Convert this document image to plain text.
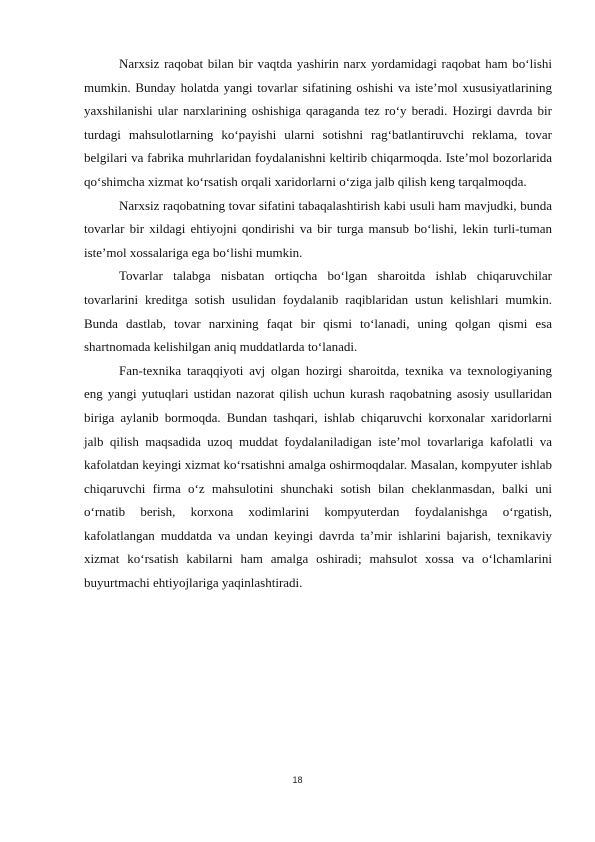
Narxsiz raqobat bilan bir vaqtda yashirin narx yordamidagi raqobat ham bo‘lishi mumkin. Bunday holatda yangi tovarlar sifatining oshishi va iste’mol xususiyatlarining yaxshilanishi ular narxlarining oshishiga qaraganda tez ro‘y beradi. Hozirgi davrda bir turdagi mahsulotlarning ko‘payishi ularni sotishni rag‘batlantiruvchi reklama, tovar belgilari va fabrika muhrlaridan foydalanishni keltirib chiqarmoqda. Iste’mol bozorlarida qo‘shimcha xizmat ko‘rsatish orqali xaridorlarni o‘ziga jalb qilish keng tarqalmoqda.

Narxsiz raqobatning tovar sifatini tabaqalashtirish kabi usuli ham mavjudki, bunda tovarlar bir xildagi ehtiyojni qondirishi va bir turga mansub bo‘lishi, lekin turli-tuman iste’mol xossalariga ega bo‘lishi mumkin.

Tovarlar talabga nisbatan ortiqcha bo‘lgan sharoitda ishlab chiqaruvchilar tovarlarini kreditga sotish usulidan foydalanib raqiblaridan ustun kelishlari mumkin. Bunda dastlab, tovar narxining faqat bir qismi to‘lanadi, uning qolgan qismi esa shartnomada kelishilgan aniq muddatlarda to‘lanadi.

Fan-texnika taraqqiyoti avj olgan hozirgi sharoitda, texnika va texnologiyaning eng yangi yutuqlari ustidan nazorat qilish uchun kurash raqobatning asosiy usullaridan biriga aylanib bormoqda. Bundan tashqari, ishlab chiqaruvchi korxonalar xaridorlarni jalb qilish maqsadida uzoq muddat foydalaniladigan iste’mol tovarlariga kafolatli va kafolatdan keyingi xizmat ko‘rsatishni amalga oshirmoqdalar. Masalan, kompyuter ishlab chiqaruvchi firma o‘z mahsulotini shunchaki sotish bilan cheklanmasdan, balki uni o‘rnatib berish, korxona xodimlarini kompyuterdan foydalanishga o‘rgatish, kafolatlangan muddatda va undan keyingi davrda ta’mir ishlarini bajarish, texnikaviy xizmat ko‘rsatish kabilarni ham amalga oshiradi; mahsulot xossa va o‘lchamlarini buyurtmachi ehtiyojlariga yaqinlashtiradi.

18
